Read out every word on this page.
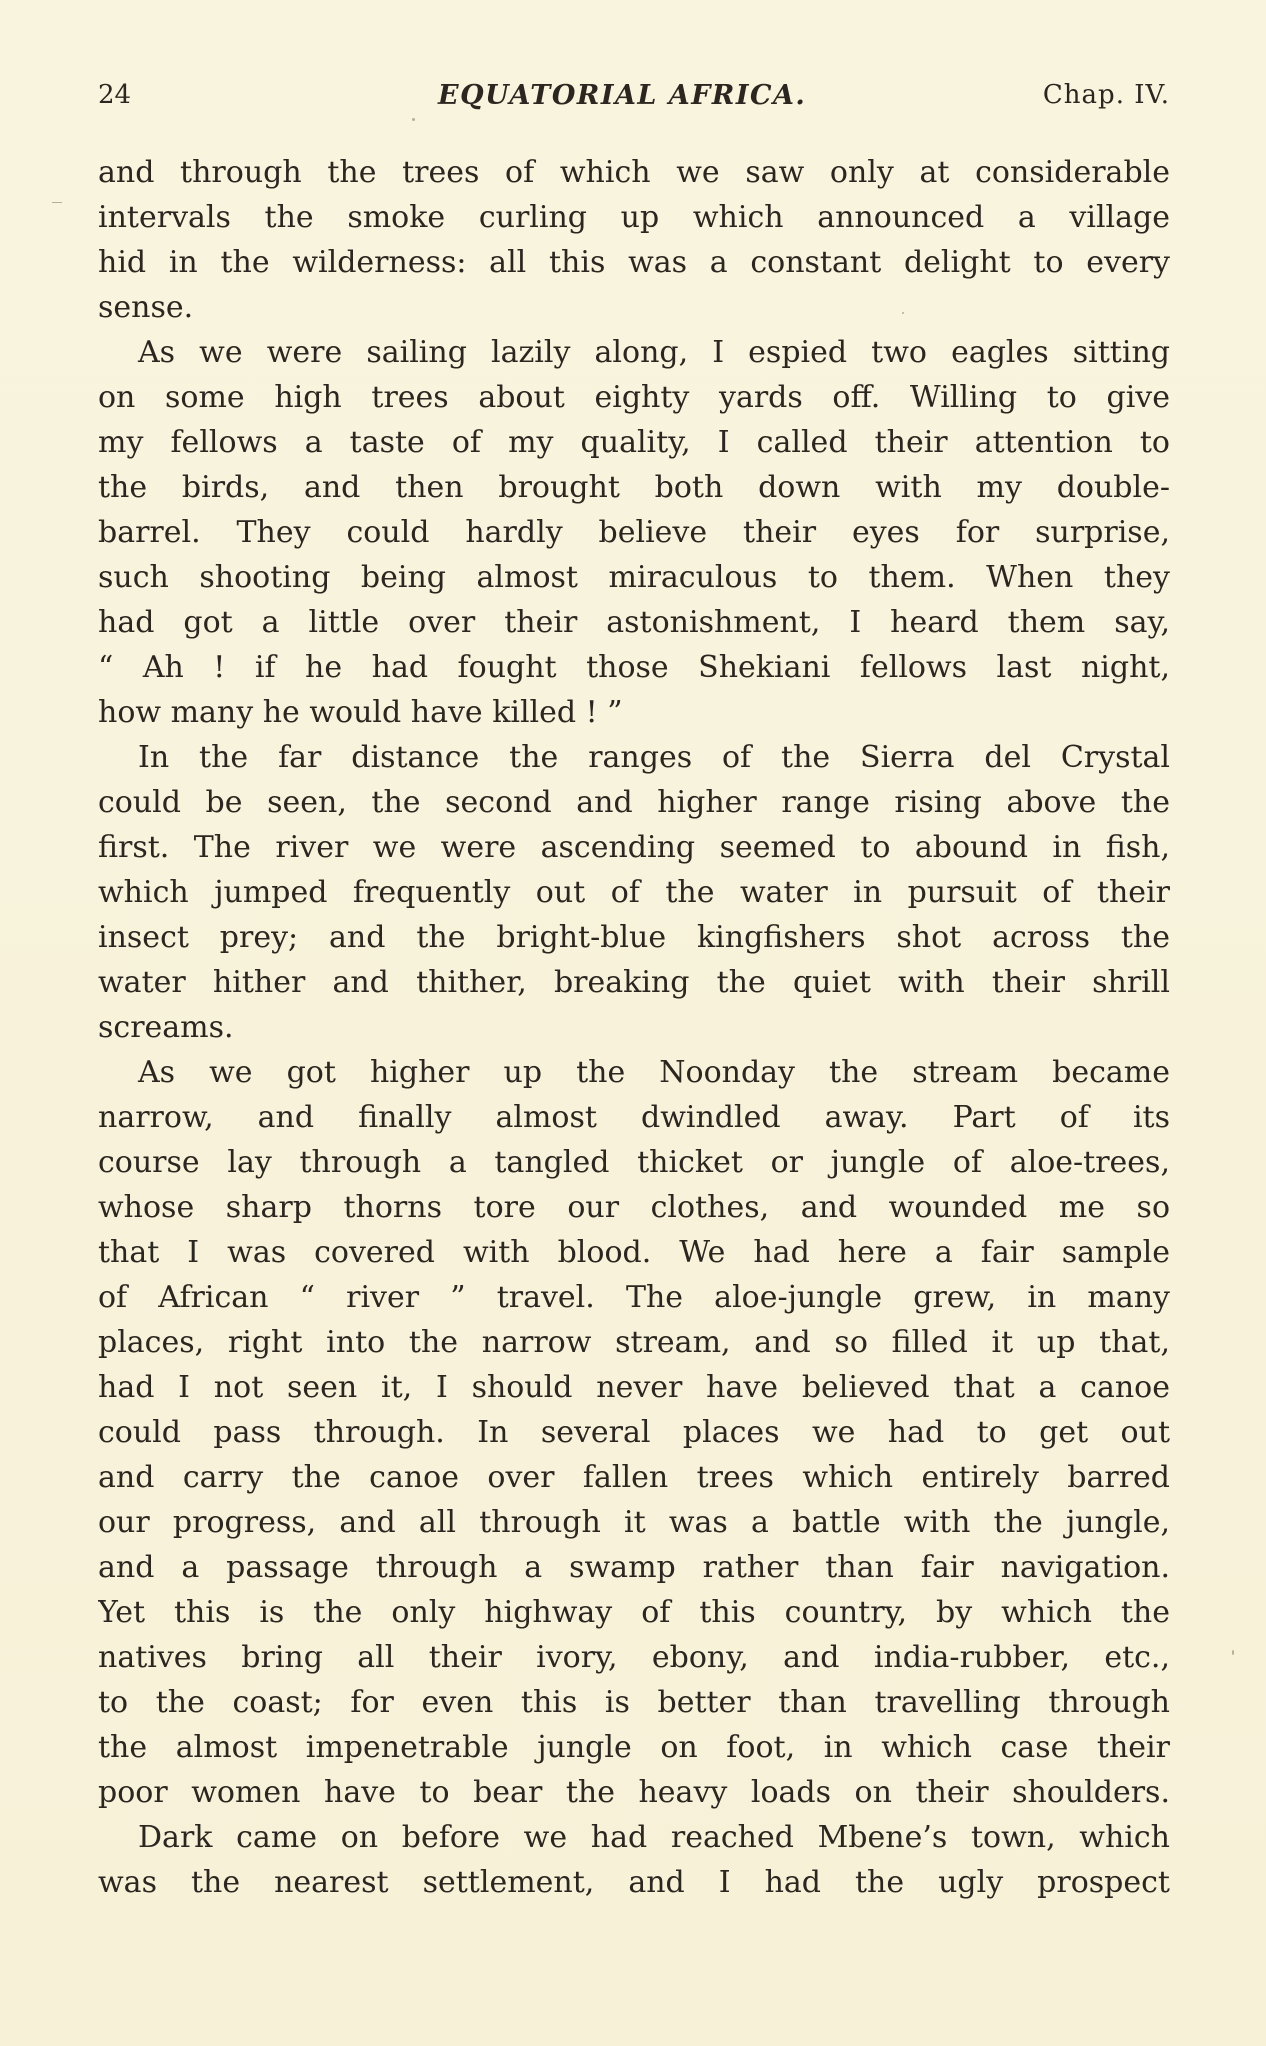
24	EQUATORIAL AFRICA.	Chap. IV.
and through the trees of which we saw only at considerable
intervals the smoke curling up which announced a village
hid in the wilderness: all this was a constant delight to every
sense.
As we were sailing lazily along, I espied two eagles sitting
on some high trees about eighty yards off. Willing to give
my fellows a taste of my quality, I called their attention to
the birds, and then brought both down with my double-
barrel. They could hardly believe their eyes for surprise,
such shooting being almost miraculous to them. When they
had got a little over their astonishment, I heard them say,
“ Ah ! if he had fought those Shekiani fellows last night,
how many he would have killed ! ”
In the far distance the ranges of the Sierra del Crystal
could be seen, the second and higher range rising above the
first. The river we were ascending seemed to abound in fish,
which jumped frequently out of the water in pursuit of their
insect prey; and the bright-blue kingfishers shot across the
water hither and thither, breaking the quiet with their shrill
screams.
As we got higher up the Noonday the stream became
narrow, and finally almost dwindled away. Part of its
course lay through a tangled thicket or jungle of aloe-trees,
whose sharp thorns tore our clothes, and wounded me so
that I was covered with blood. We had here a fair sample
of African “ river ” travel. The aloe-jungle grew, in many
places, right into the narrow stream, and so filled it up that,
had I not seen it, I should never have believed that a canoe
could pass through. In several places we had to get out
and carry the canoe over fallen trees which entirely barred
our progress, and all through it was a battle with the jungle,
and a passage through a swamp rather than fair navigation.
Yet this is the only highway of this country, by which the
natives bring all their ivory, ebony, and india-rubber, etc.,
to the coast; for even this is better than travelling through
the almost impenetrable jungle on foot, in which case their
poor women have to bear the heavy loads on their shoulders.
Dark came on before we had reached Mbene’s town, which
was the nearest settlement, and I had the ugly prospect
